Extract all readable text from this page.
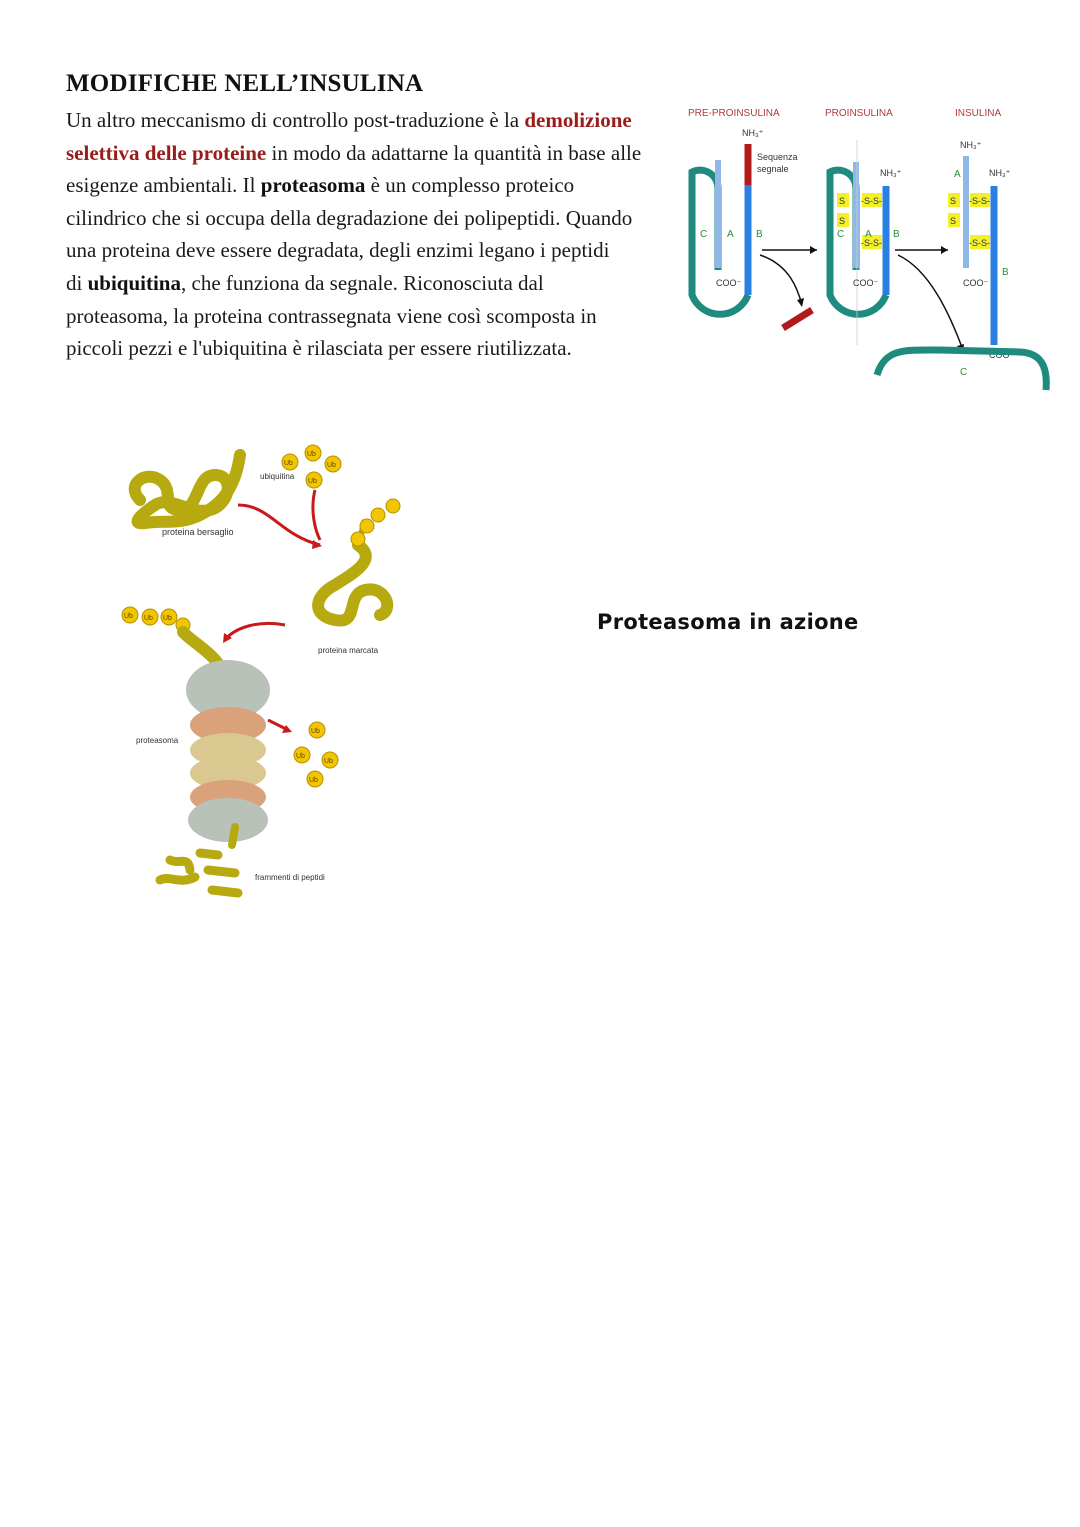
MODIFICHE NELL’INSULINA
Un altro meccanismo di controllo post-traduzione è la demolizione
selettiva delle proteine in modo da adattarne la quantità in base alle
esigenze ambientali. Il proteasoma è un complesso proteico
cilindrico che si occupa della degradazione dei polipeptidi. Quando
una proteina deve essere degradata, degli enzimi legano i peptidi
di ubiquitina, che funziona da segnale. Riconosciuta dal
proteasoma, la proteina contrassegnata viene così scomposta in
piccoli pezzi e l'ubiquitina è rilasciata per essere riutilizzata.
PRE-PROINSULINA	PROINSULINA	INSULINA
NH₃⁺
Sequenza
segnale
C A B
COO⁻
S
S
-S-S-
-S-S-
NH₃⁺
C A B
COO⁻
S
S
-S-S-
-S-S-
NH₃⁺
NH₃⁺
A
B
COO⁻
COO⁻
C
proteina bersaglio
Ub
Ub
Ub
Ub
ubiquitina
proteina marcata
Ub Ub Ub
proteasoma
Ub
Ub
Ub
Ub
frammenti di peptidi
Proteasoma in azione
